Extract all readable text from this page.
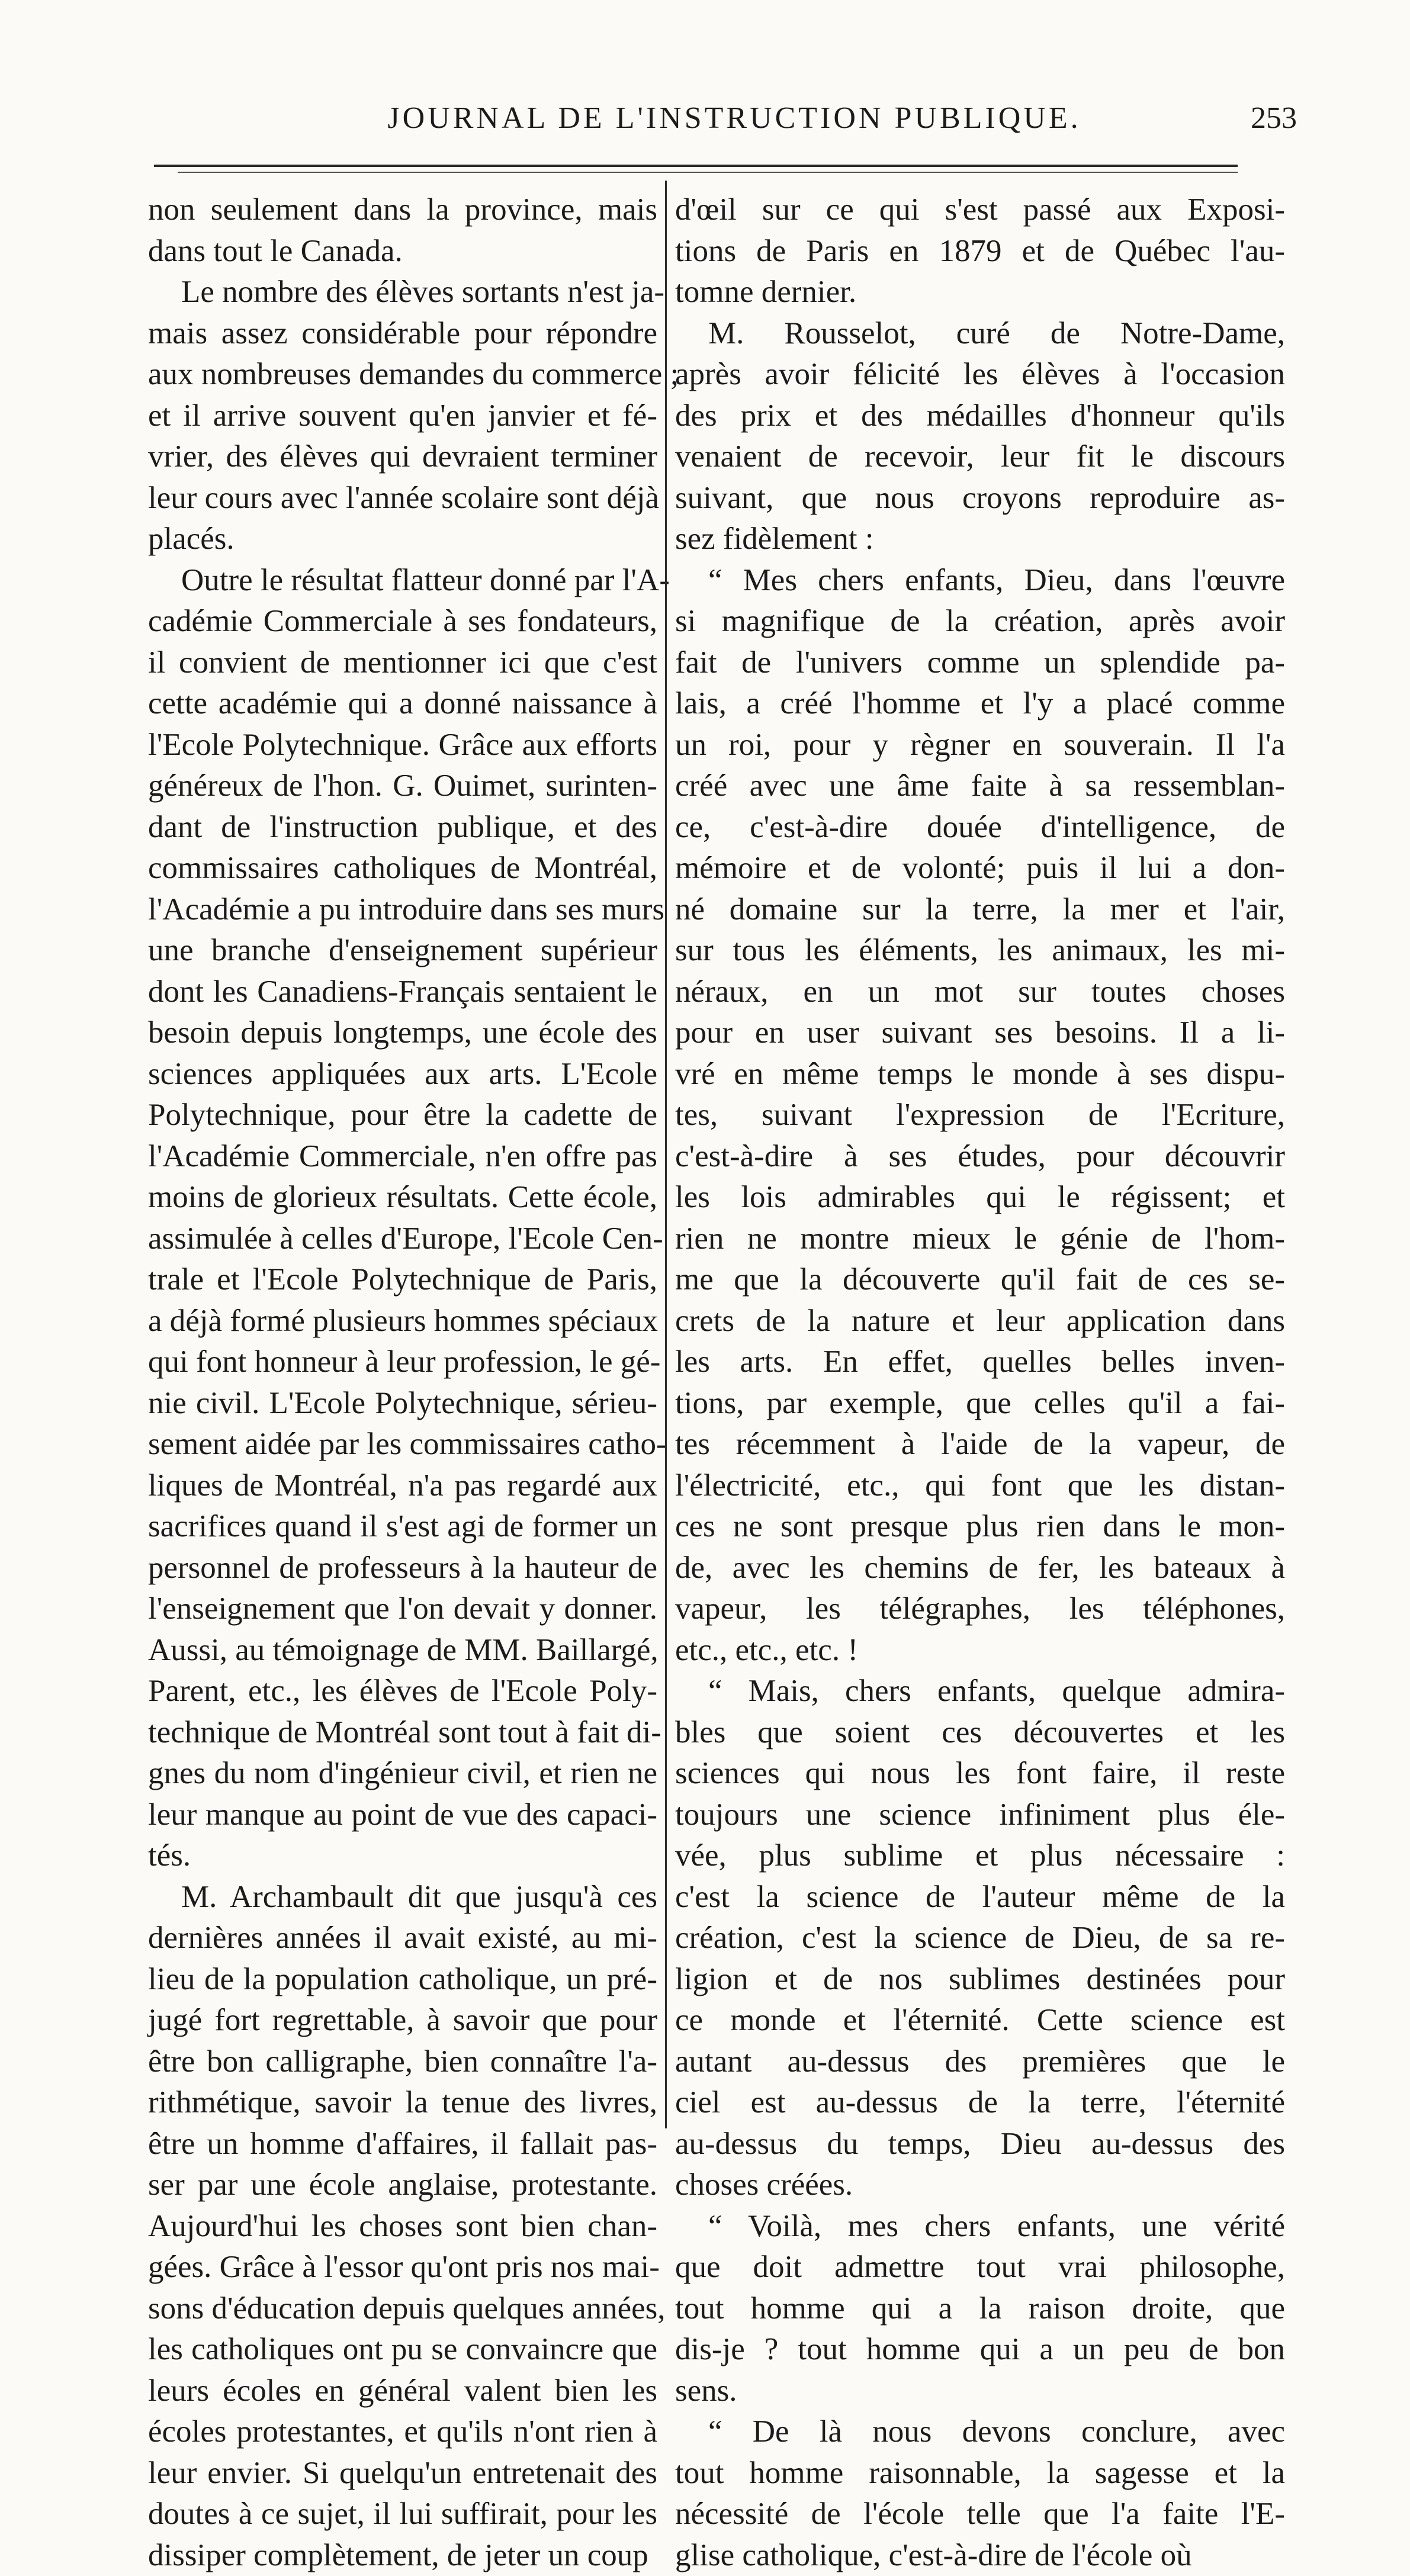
JOURNAL DE L'INSTRUCTION PUBLIQUE.	253
non seulement dans la province, mais
dans tout le Canada.
Le nombre des élèves sortants n'est ja-
mais assez considérable pour répondre
aux nombreuses demandes du commerce ;
et il arrive souvent qu'en janvier et fé-
vrier, des élèves qui devraient terminer
leur cours avec l'année scolaire sont déjà
placés.
Outre le résultat flatteur donné par l'A-
cadémie Commerciale à ses fondateurs,
il convient de mentionner ici que c'est
cette académie qui a donné naissance à
l'Ecole Polytechnique. Grâce aux efforts
généreux de l'hon. G. Ouimet, surinten-
dant de l'instruction publique, et des
commissaires catholiques de Montréal,
l'Académie a pu introduire dans ses murs
une branche d'enseignement supérieur
dont les Canadiens-Français sentaient le
besoin depuis longtemps, une école des
sciences appliquées aux arts. L'Ecole
Polytechnique, pour être la cadette de
l'Académie Commerciale, n'en offre pas
moins de glorieux résultats. Cette école,
assimulée à celles d'Europe, l'Ecole Cen-
trale et l'Ecole Polytechnique de Paris,
a déjà formé plusieurs hommes spéciaux
qui font honneur à leur profession, le gé-
nie civil. L'Ecole Polytechnique, sérieu-
sement aidée par les commissaires catho-
liques de Montréal, n'a pas regardé aux
sacrifices quand il s'est agi de former un
personnel de professeurs à la hauteur de
l'enseignement que l'on devait y donner.
Aussi, au témoignage de MM. Baillargé,
Parent, etc., les élèves de l'Ecole Poly-
technique de Montréal sont tout à fait di-
gnes du nom d'ingénieur civil, et rien ne
leur manque au point de vue des capaci-
tés.
M. Archambault dit que jusqu'à ces
dernières années il avait existé, au mi-
lieu de la population catholique, un pré-
jugé fort regrettable, à savoir que pour
être bon calligraphe, bien connaître l'a-
rithmétique, savoir la tenue des livres,
être un homme d'affaires, il fallait pas-
ser par une école anglaise, protestante.
Aujourd'hui les choses sont bien chan-
gées. Grâce à l'essor qu'ont pris nos mai-
sons d'éducation depuis quelques années,
les catholiques ont pu se convaincre que
leurs écoles en général valent bien les
écoles protestantes, et qu'ils n'ont rien à
leur envier. Si quelqu'un entretenait des
doutes à ce sujet, il lui suffirait, pour les
dissiper complètement, de jeter un coup
d'œil sur ce qui s'est passé aux Exposi-
tions de Paris en 1879 et de Québec l'au-
tomne dernier.
M. Rousselot, curé de Notre-Dame,
après avoir félicité les élèves à l'occasion
des prix et des médailles d'honneur qu'ils
venaient de recevoir, leur fit le discours
suivant, que nous croyons reproduire as-
sez fidèlement :
“ Mes chers enfants, Dieu, dans l'œuvre
si magnifique de la création, après avoir
fait de l'univers comme un splendide pa-
lais, a créé l'homme et l'y a placé comme
un roi, pour y règner en souverain. Il l'a
créé avec une âme faite à sa ressemblan-
ce, c'est-à-dire douée d'intelligence, de
mémoire et de volonté; puis il lui a don-
né domaine sur la terre, la mer et l'air,
sur tous les éléments, les animaux, les mi-
néraux, en un mot sur toutes choses
pour en user suivant ses besoins. Il a li-
vré en même temps le monde à ses dispu-
tes, suivant l'expression de l'Ecriture,
c'est-à-dire à ses études, pour découvrir
les lois admirables qui le régissent; et
rien ne montre mieux le génie de l'hom-
me que la découverte qu'il fait de ces se-
crets de la nature et leur application dans
les arts. En effet, quelles belles inven-
tions, par exemple, que celles qu'il a fai-
tes récemment à l'aide de la vapeur, de
l'électricité, etc., qui font que les distan-
ces ne sont presque plus rien dans le mon-
de, avec les chemins de fer, les bateaux à
vapeur, les télégraphes, les téléphones,
etc., etc., etc. !
“ Mais, chers enfants, quelque admira-
bles que soient ces découvertes et les
sciences qui nous les font faire, il reste
toujours une science infiniment plus éle-
vée, plus sublime et plus nécessaire :
c'est la science de l'auteur même de la
création, c'est la science de Dieu, de sa re-
ligion et de nos sublimes destinées pour
ce monde et l'éternité. Cette science est
autant au-dessus des premières que le
ciel est au-dessus de la terre, l'éternité
au-dessus du temps, Dieu au-dessus des
choses créées.
“ Voilà, mes chers enfants, une vérité
que doit admettre tout vrai philosophe,
tout homme qui a la raison droite, que
dis-je ? tout homme qui a un peu de bon
sens.
“ De là nous devons conclure, avec
tout homme raisonnable, la sagesse et la
nécessité de l'école telle que l'a faite l'E-
glise catholique, c'est-à-dire de l'école où
